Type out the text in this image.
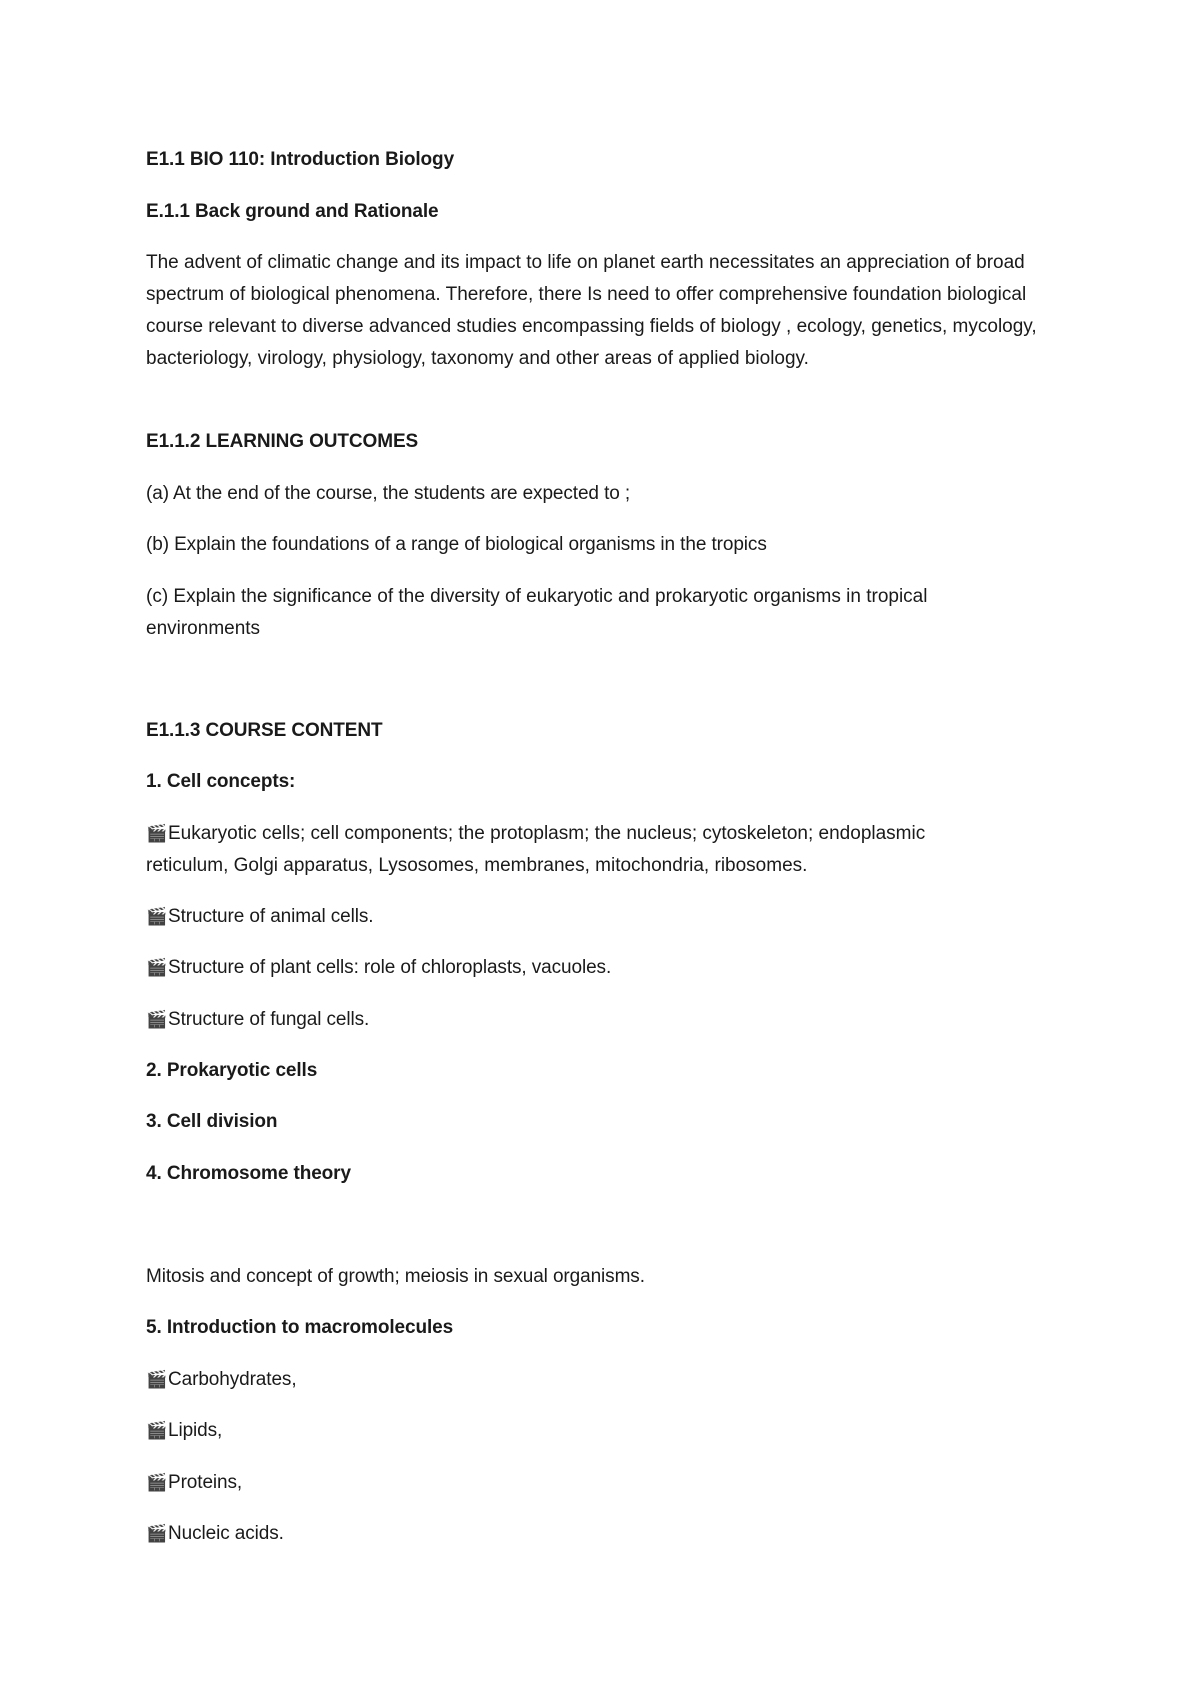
E1.1 BIO 110: Introduction Biology
E.1.1 Back ground and Rationale
The advent of climatic change and its impact to life on planet earth necessitates an appreciation of broad spectrum of biological phenomena. Therefore, there Is need to offer comprehensive foundation biological course relevant to diverse advanced studies encompassing fields of biology , ecology, genetics, mycology, bacteriology, virology, physiology, taxonomy and other areas of applied biology.
E1.1.2 LEARNING OUTCOMES
(a) At the end of the course, the students are expected to ;
(b) Explain the foundations of a range of biological organisms in the tropics
(c) Explain the significance of the diversity of eukaryotic and prokaryotic organisms in tropical environments
E1.1.3 COURSE CONTENT
1. Cell concepts:
🎬Eukaryotic cells; cell components; the protoplasm; the nucleus; cytoskeleton; endoplasmic reticulum, Golgi apparatus, Lysosomes, membranes, mitochondria, ribosomes.
🎬Structure of animal cells.
🎬Structure of plant cells: role of chloroplasts, vacuoles.
🎬Structure of fungal cells.
2. Prokaryotic cells
3. Cell division
4. Chromosome theory
Mitosis and concept of growth; meiosis in sexual organisms.
5. Introduction to macromolecules
🎬Carbohydrates,
🎬Lipids,
🎬Proteins,
🎬Nucleic acids.
